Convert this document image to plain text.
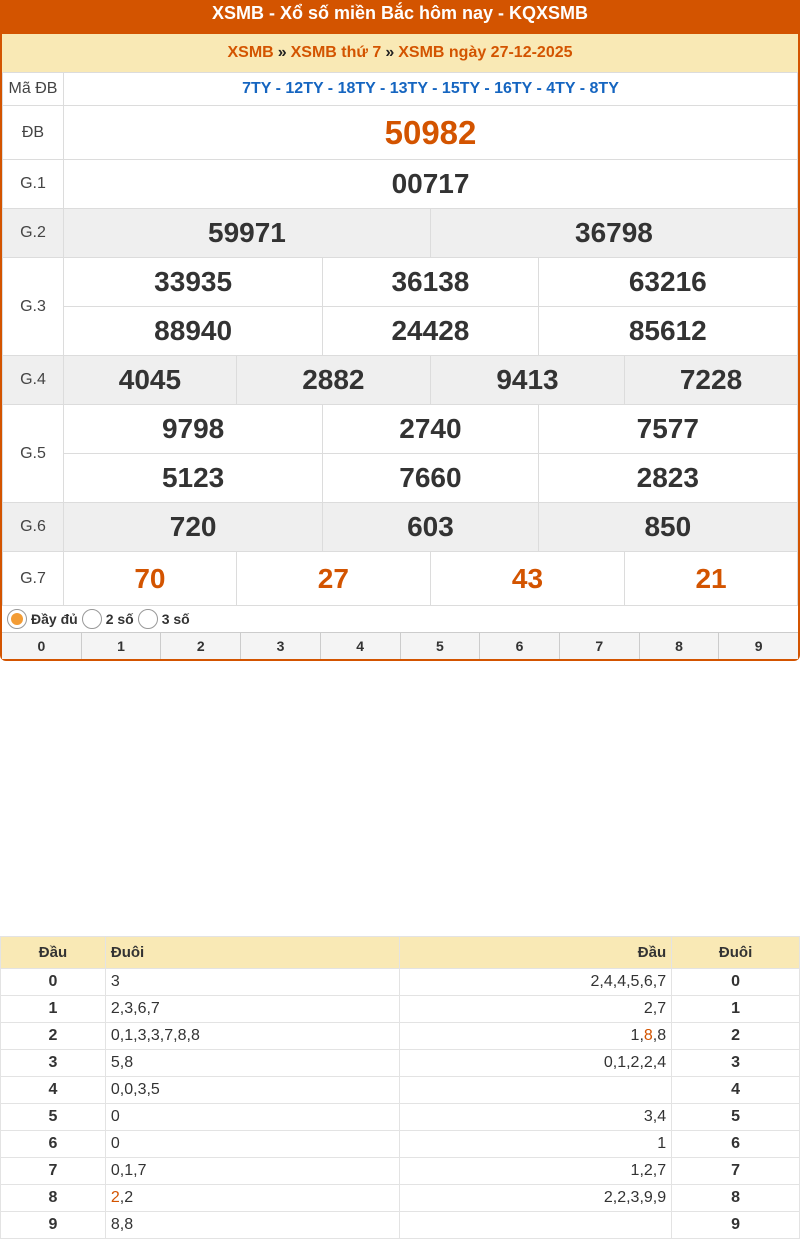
XSMB - Xổ số miền Bắc hôm nay - KQXSMB
XSMB » XSMB thứ 7 » XSMB ngày 27-12-2025
Mã ĐB	7TY - 12TY - 18TY - 13TY - 15TY - 16TY - 4TY - 8TY					
ĐB	50982					
G.1	00717					
G.2	59971			36798		
G.3	33935		36138		63216	
	88940		24428		85612	
G.4	4045	2882		9413		7228
G.5	9798		2740		7577	
	5123		7660		2823	
G.6	720		603		850	
G.7	70	27		43		21
Đầy đủ 2 số 3 số
0	1	2	3	4	5	6	7	8	9
Đầu	Đuôi	Đầu	Đuôi
0	3	2,4,4,5,6,7	0
1	2,3,6,7	2,7	1
2	0,1,3,3,7,8,8	1,8,8	2
3	5,8	0,1,2,2,4	3
4	0,0,3,5		4
5	0	3,4	5
6	0	1	6
7	0,1,7	1,2,7	7
8	2,2	2,2,3,9,9	8
9	8,8		9
